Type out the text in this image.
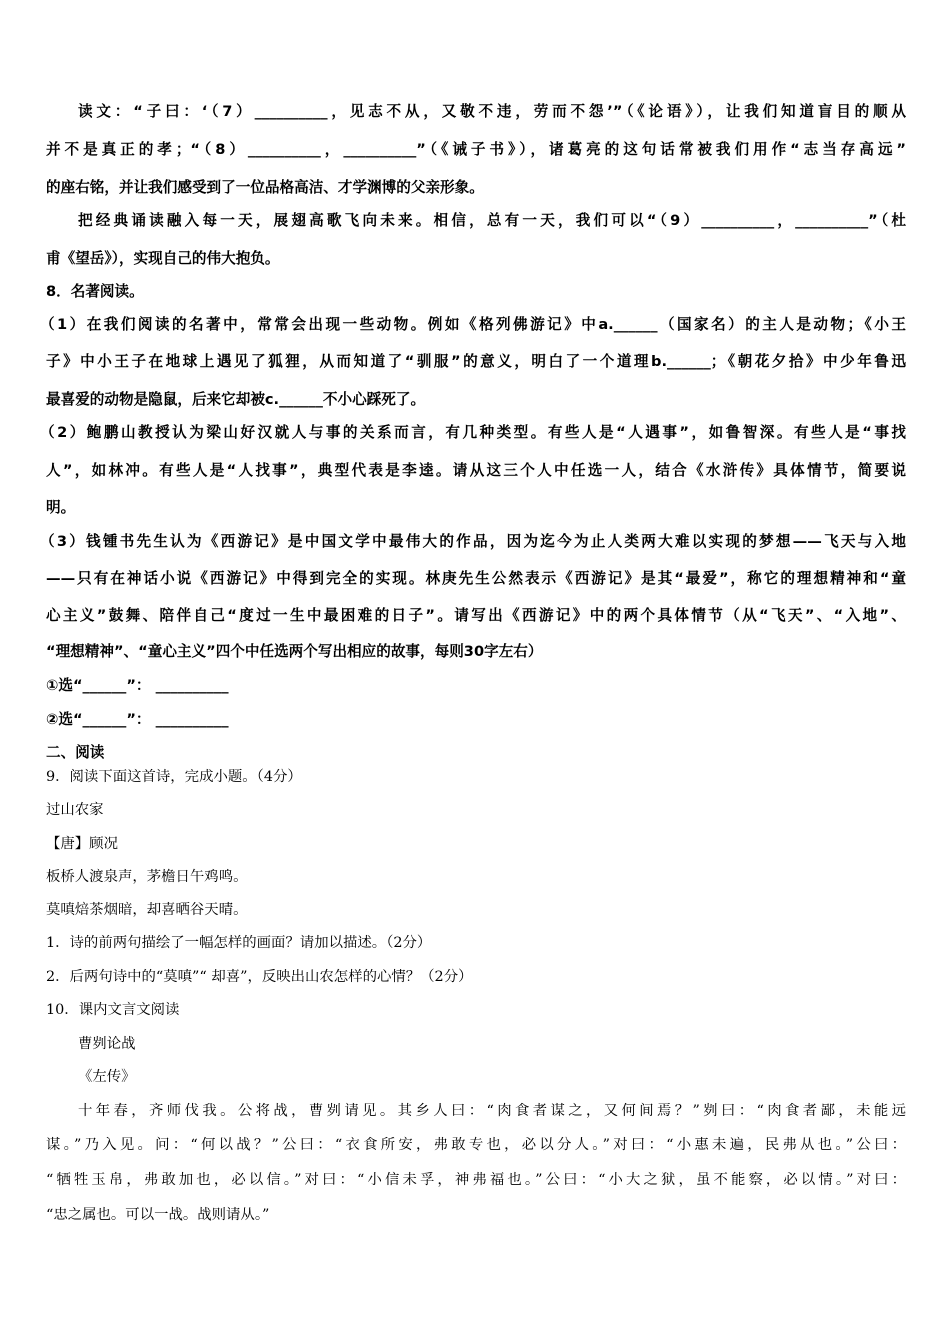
读文：“子曰：‘（7）__________，见志不从，又敬不违，劳而不怨’”（《论语》），让我们知道盲目的顺从
并不是真正的孝；“（8）__________，__________”（《诫子书》），诸葛亮的这句话常被我们用作“志当存高远”
的座右铭，并让我们感受到了一位品格高洁、才学渊博的父亲形象。
把经典诵读融入每一天，展翅高歌飞向未来。相信，总有一天，我们可以“（9）__________，__________”（杜
甫《望岳》），实现自己的伟大抱负。
8．名著阅读。
（1）在我们阅读的名著中，常常会出现一些动物。例如《格列佛游记》中a.______（国家名）的主人是动物；《小王
子》中小王子在地球上遇见了狐狸，从而知道了“驯服”的意义，明白了一个道理b.______；《朝花夕拾》中少年鲁迅
最喜爱的动物是隐鼠，后来它却被c.______不小心踩死了。
（2）鲍鹏山教授认为梁山好汉就人与事的关系而言，有几种类型。有些人是“人遇事”，如鲁智深。有些人是“事找
人”，如林冲。有些人是“人找事”，典型代表是李逵。请从这三个人中任选一人，结合《水浒传》具体情节，简要说
明。
（3）钱锺书先生认为《西游记》是中国文学中最伟大的作品，因为迄今为止人类两大难以实现的梦想——飞天与入地
——只有在神话小说《西游记》中得到完全的实现。林庚先生公然表示《西游记》是其“最爱”，称它的理想精神和“童
心主义”鼓舞、陪伴自己“度过一生中最困难的日子”。请写出《西游记》中的两个具体情节（从“飞天”、“入地”、
“理想精神”、“童心主义”四个中任选两个写出相应的故事，每则30字左右）
①选“______”： __________
②选“______”： __________
二、阅读
9．阅读下面这首诗，完成小题。（4分）
过山农家
【唐】顾况
板桥人渡泉声，茅檐日午鸡鸣。
莫嗔焙茶烟暗，却喜晒谷天晴。
1．诗的前两句描绘了一幅怎样的画面？请加以描述。（2分）
2．后两句诗中的“莫嗔”“ 却喜”，反映出山农怎样的心情？（2分）
10．课内文言文阅读
曹刿论战
《左传》
十年春，齐师伐我。公将战，曹刿请见。其乡人曰：“肉食者谋之，又何间焉？”刿曰：“肉食者鄙，未能远
谋。”乃入见。问：“何以战？”公曰：“衣食所安，弗敢专也，必以分人。”对曰：“小惠未遍，民弗从也。”公曰：
“牺牲玉帛，弗敢加也，必以信。”对曰：“小信未孚，神弗福也。”公曰：“小大之狱，虽不能察，必以情。”对曰：
“忠之属也。可以一战。战则请从。”
